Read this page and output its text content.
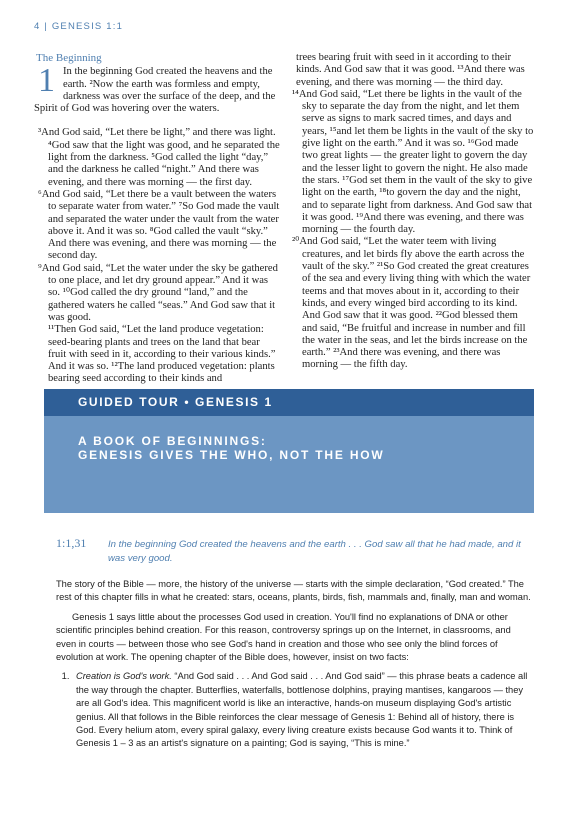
4 | GENESIS 1:1
The Beginning

1 In the beginning God created the heavens and the earth. ²Now the earth was formless and empty, darkness was over the surface of the deep, and the Spirit of God was hovering over the waters.

³And God said, “Let there be light,” and there was light. ⁴God saw that the light was good, and he separated the light from the darkness. ⁵God called the light “day,” and the darkness he called “night.” And there was evening, and there was morning — the first day.

⁶And God said, “Let there be a vault between the waters to separate water from water.” ⁷So God made the vault and separated the water under the vault from the water above it. And it was so. ⁸God called the vault “sky.” And there was evening, and there was morning — the second day.

⁹And God said, “Let the water under the sky be gathered to one place, and let dry ground appear.” And it was so. ¹⁰God called the dry ground “land,” and the gathered waters he called “seas.” And God saw that it was good.

¹¹Then God said, “Let the land produce vegetation: seed-bearing plants and trees on the land that bear fruit with seed in it, according to their various kinds.” And it was so. ¹²The land produced vegetation: plants bearing seed according to their kinds and

trees bearing fruit with seed in it according to their kinds. And God saw that it was good. ¹³And there was evening, and there was morning — the third day.

¹⁴And God said, “Let there be lights in the vault of the sky to separate the day from the night, and let them serve as signs to mark sacred times, and days and years, ¹⁵and let them be lights in the vault of the sky to give light on the earth.” And it was so. ¹⁶God made two great lights — the greater light to govern the day and the lesser light to govern the night. He also made the stars. ¹⁷God set them in the vault of the sky to give light on the earth, ¹⁸to govern the day and the night, and to separate light from darkness. And God saw that it was good. ¹⁹And there was evening, and there was morning — the fourth day.

²⁰And God said, “Let the water teem with living creatures, and let birds fly above the earth across the vault of the sky.” ²¹So God created the great creatures of the sea and every living thing with which the water teems and that moves about in it, according to their kinds, and every winged bird according to its kind. And God saw that it was good. ²²God blessed them and said, “Be fruitful and increase in number and fill the water in the seas, and let the birds increase on the earth.” ²³And there was evening, and there was morning — the fifth day.

GUIDED TOUR • GENESIS 1
A BOOK OF BEGINNINGS:
GENESIS GIVES THE WHO, NOT THE HOW
1:1,31 In the beginning God created the heavens and the earth . . . God saw all that he had made, and it was very good.

The story of the Bible — more, the history of the universe — starts with the simple declaration, “God created.” The rest of this chapter fills in what he created: stars, oceans, plants, birds, fish, mammals and, finally, man and woman.

Genesis 1 says little about the processes God used in creation. You'll find no explanations of DNA or other scientific principles behind creation. For this reason, controversy springs up on the Internet, in classrooms, and even in courts — between those who see God's hand in creation and those who see only the blind forces of evolution at work. The opening chapter of the Bible does, however, insist on two facts:

1. Creation is God's work. “And God said . . . And God said . . . And God said” — this phrase beats a cadence all the way through the chapter. Butterflies, waterfalls, bottlenose dolphins, praying mantises, kangaroos — they are all God's idea. This magnificent world is like an interactive, hands-on museum displaying God's artistic genius. All that follows in the Bible reinforces the clear message of Genesis 1: Behind all of history, there is God. Every helium atom, every spiral galaxy, every living creature exists because God wants it to. Think of Genesis 1 – 3 as an artist's signature on a painting; God is saying, “This is mine.”
